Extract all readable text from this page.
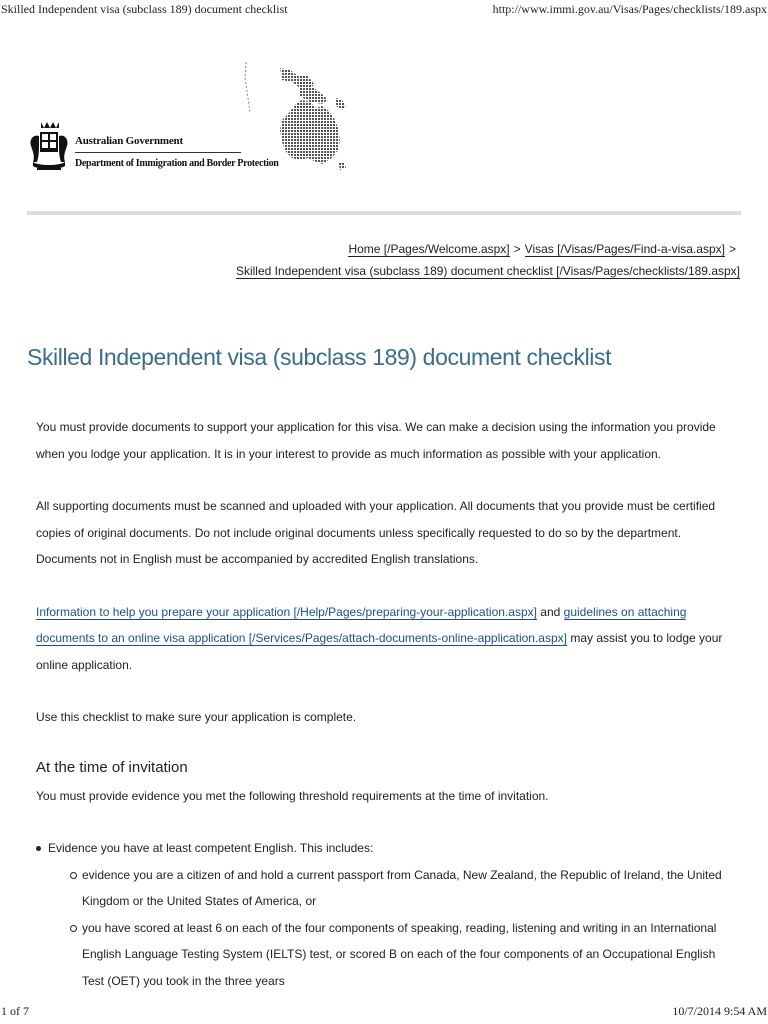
Skilled Independent visa (subclass 189) document checklist	http://www.immi.gov.au/Visas/Pages/checklists/189.aspx
Australian Government
Department of Immigration and Border Protection
Home [/Pages/Welcome.aspx] > Visas [/Visas/Pages/Find-a-visa.aspx] >
Skilled Independent visa (subclass 189) document checklist [/Visas/Pages/checklists/189.aspx]
Skilled Independent visa (subclass 189) document checklist

You must provide documents to support your application for this visa. We can make a decision using the information you provide when you lodge your application. It is in your interest to provide as much information as possible with your application.

All supporting documents must be scanned and uploaded with your application. All documents that you provide must be certified copies of original documents. Do not include original documents unless specifically requested to do so by the department. Documents not in English must be accompanied by accredited English translations.

Information to help you prepare your application [/Help/Pages/preparing-your-application.aspx] and guidelines on attaching documents to an online visa application [/Services/Pages/attach-documents-online-application.aspx] may assist you to lodge your online application.

Use this checklist to make sure your application is complete.

At the time of invitation

You must provide evidence you met the following threshold requirements at the time of invitation.

Evidence you have at least competent English. This includes:
evidence you are a citizen of and hold a current passport from Canada, New Zealand, the Republic of Ireland, the United Kingdom or the United States of America, or
you have scored at least 6 on each of the four components of speaking, reading, listening and writing in an International English Language Testing System (IELTS) test, or scored B on each of the four components of an Occupational English Test (OET) you took in the three years
1 of 7	10/7/2014 9:54 AM
